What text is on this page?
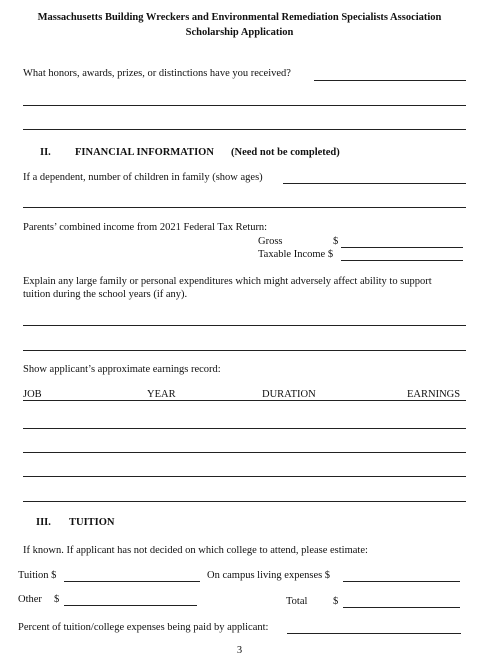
Massachusetts Building Wreckers and Environmental Remediation Specialists Association
Scholarship Application
What honors, awards, prizes, or distinctions have you received?
II. FINANCIAL INFORMATION (Need not be completed)
If a dependent, number of children in family (show ages)
Parents’ combined income from 2021 Federal Tax Return:
Gross	$
Taxable Income $
Explain any large family or personal expenditures which might adversely affect ability to support
tuition during the school years (if any).
Show applicant’s approximate earnings record:
JOB	YEAR	DURATION	EARNINGS
III. TUITION
If known. If applicant has not decided on which college to attend, please estimate:
Tuition $	On campus living expenses $
Other $	Total $
Percent of tuition/college expenses being paid by applicant:
3
